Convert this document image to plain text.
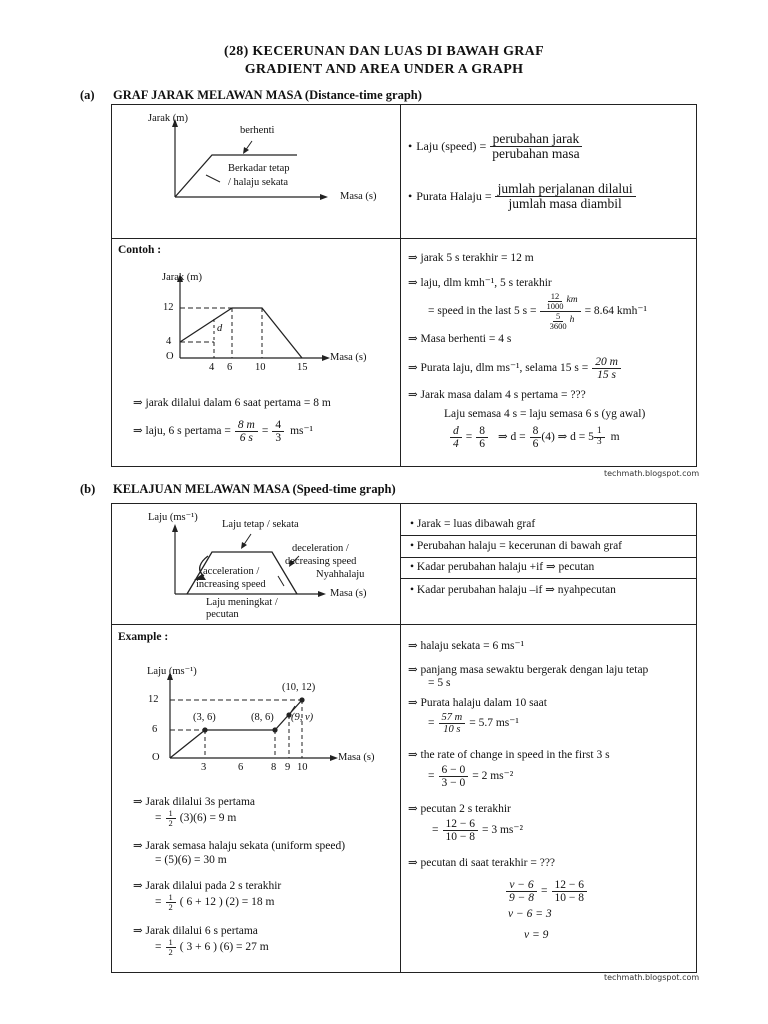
(28) KECERUNAN DAN LUAS DI BAWAH GRAF
GRADIENT AND AREA UNDER A GRAPH
(a) GRAF JARAK MELAWAN MASA (Distance-time graph)
Jarak (m)
berhenti
Berkadar tetap
/ halaju sekata
Masa (s)
• Laju (speed) = $\frac{\text{perubahan jarak}}{\text{perubahan masa}}$
• Purata Halaju = $\frac{\text{jumlah perjalanan dilalui}}{\text{jumlah masa diambil}}$
Contoh :
Jarak (m)
12
4
O
d
Masa (s)
4 6 10	15
⇒ jarak dilalui dalam 6 saat pertama = 8 m
⇒ laju, 6 s pertama = $\frac{8 m}{6 s} = \frac{4}{3} ms^{-1}$
⇒ jarak 5 s terakhir = 12 m
⇒ laju, dlm kmh⁻¹, 5 s terakhir
= speed in the last 5 $s = \frac{\frac{12}{1000} km}{\frac{5}{3600} h} = 8.64$ kmh⁻¹
⇒ Masa berhenti = 4 s
⇒ Purata laju, dlm ms⁻¹, selama 15 $s = \frac{20 m}{15 s}$
⇒ Jarak masa dalam 4 s pertama = ???
Laju semasa 4 s = laju semasa 6 s (yg awal)
$\frac{d}{4} = \frac{8}{6}$ ⇒ $d = \frac{8}{6} (4)$ ⇒ $d = 5 \frac{1}{3}$ m
techmath.blogspot.com
(b) KELAJUAN MELAWAN MASA (Speed-time graph)
Laju (ms⁻¹)
Laju tetap / sekata
deceleration /
decreasing speed
Nyahhalaju
acceleration /
increasing speed
Masa (s)
Laju meningkat /
pecutan
• Jarak = luas dibawah graf
• Perubahan halaju = kecerunan di bawah graf
• Kadar perubahan halaju +if ⇒ pecutan
• Kadar perubahan halaju –if ⇒ nyahpecutan
Example :
Laju (ms⁻¹)
12
6
O
(10, 12)
(3, 6)	(8, 6) (9, v)
Masa (s)
3	6	8 9 10
⇒ Jarak dilalui 3s pertama
= $\frac{1}{2} (3)(6) = 9$ m
⇒ Jarak semasa halaju sekata (uniform speed)
= (5)(6) = 30 m
⇒ Jarak dilalui pada 2 s terakhir
= $\frac{1}{2}$ ( 6 + 12 ) (2) = 18 m
⇒ Jarak dilalui 6 s pertama
= $\frac{1}{2}$ ( 3 + 6 ) (6) = 27 m
⇒ halaju sekata = 6 ms⁻¹
⇒ panjang masa sewaktu bergerak dengan laju tetap
= 5 s
⇒ Purata halaju dalam 10 saat
= $\frac{57 m}{10 s} = 5.7$ ms⁻¹
⇒ the rate of change in speed in the first 3 s
= $\frac{6 - 0}{3 - 0} = 2$ ms⁻²
⇒ pecutan 2 s terakhir
= $\frac{12 - 6}{10 - 8} = 3$ ms⁻²
⇒ pecutan di saat terakhir = ???
$\frac{v - 6}{9 - 8} = \frac{12 - 6}{10 - 8}$
v − 6 = 3
v = 9
techmath.blogspot.com
